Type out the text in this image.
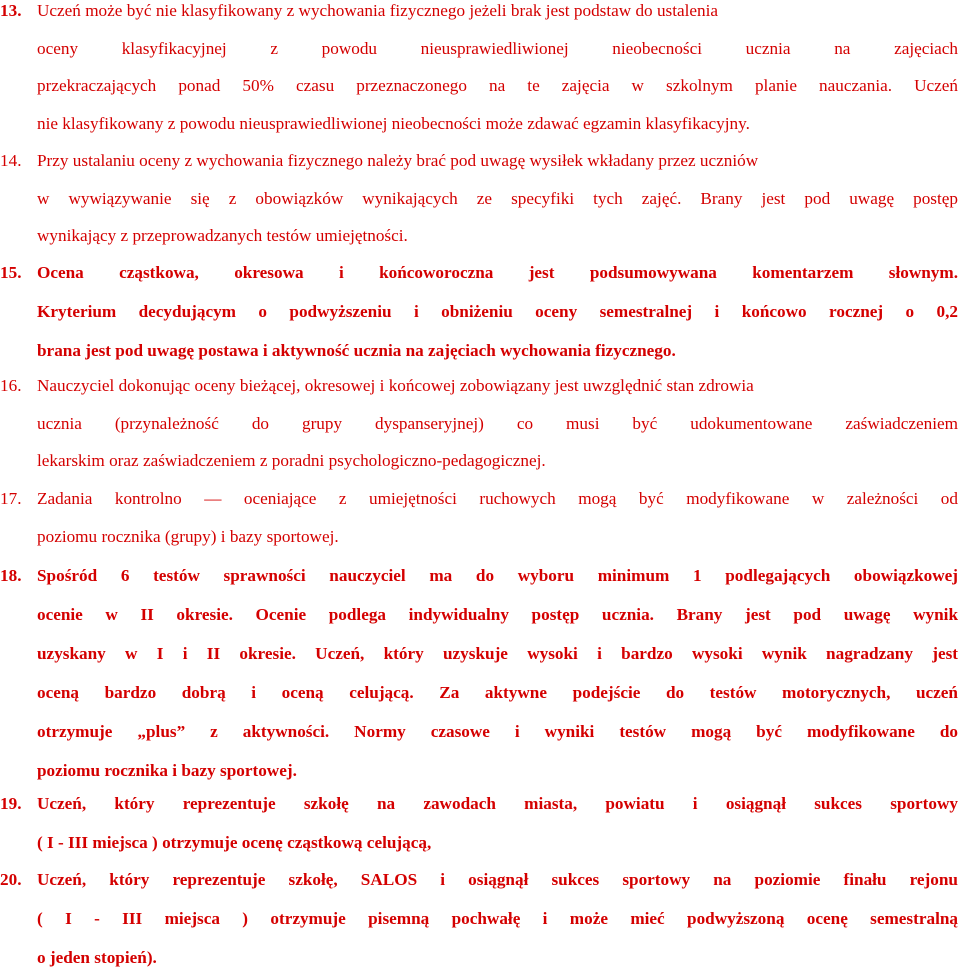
13. Uczeń może być nie klasyfikowany z wychowania fizycznego jeżeli brak jest podstaw do ustalenia
oceny klasyfikacyjnej z powodu nieusprawiedliwionej nieobecności ucznia na zajęciach
przekraczających ponad 50% czasu przeznaczonego na te zajęcia w szkolnym planie nauczania. Uczeń
nie klasyfikowany z powodu nieusprawiedliwionej nieobecności może zdawać egzamin klasyfikacyjny.
14. Przy ustalaniu oceny z wychowania fizycznego należy brać pod uwagę wysiłek wkładany przez uczniów
w wywiązywanie się z obowiązków wynikających ze specyfiki tych zajęć. Brany jest pod uwagę postęp
wynikający z przeprowadzanych testów umiejętności.
15. Ocena cząstkowa, okresowa i końcoworoczna jest podsumowywana komentarzem słownym.
Kryterium decydującym o podwyższeniu i obniżeniu oceny semestralnej i końcowo rocznej o 0,2
brana jest pod uwagę postawa i aktywność ucznia na zajęciach wychowania fizycznego.
16. Nauczyciel dokonując oceny bieżącej, okresowej i końcowej zobowiązany jest uwzględnić stan zdrowia
ucznia (przynależność do grupy dyspanseryjnej) co musi być udokumentowane zaświadczeniem
lekarskim oraz zaświadczeniem z poradni psychologiczno-pedagogicznej.
17. Zadania kontrolno — oceniające z umiejętności ruchowych mogą być modyfikowane w zależności od
poziomu rocznika (grupy) i bazy sportowej.
18. Spośród 6 testów sprawności nauczyciel ma do wyboru minimum 1 podlegających obowiązkowej
ocenie w II okresie. Ocenie podlega indywidualny postęp ucznia. Brany jest pod uwagę wynik
uzyskany w I i II okresie. Uczeń, który uzyskuje wysoki i bardzo wysoki wynik nagradzany jest
oceną bardzo dobrą i oceną celującą. Za aktywne podejście do testów motorycznych, uczeń
otrzymuje „plus” z aktywności. Normy czasowe i wyniki testów mogą być modyfikowane do
poziomu rocznika i bazy sportowej.
19. Uczeń, który reprezentuje szkołę na zawodach miasta, powiatu i osiągnął sukces sportowy
( I - III miejsca ) otrzymuje ocenę cząstkową celującą,
20. Uczeń, który reprezentuje szkołę, SALOS i osiągnął sukces sportowy na poziomie finału rejonu
( I - III miejsca ) otrzymuje pisemną pochwałę i może mieć podwyższoną ocenę semestralną
o jeden stopień).
